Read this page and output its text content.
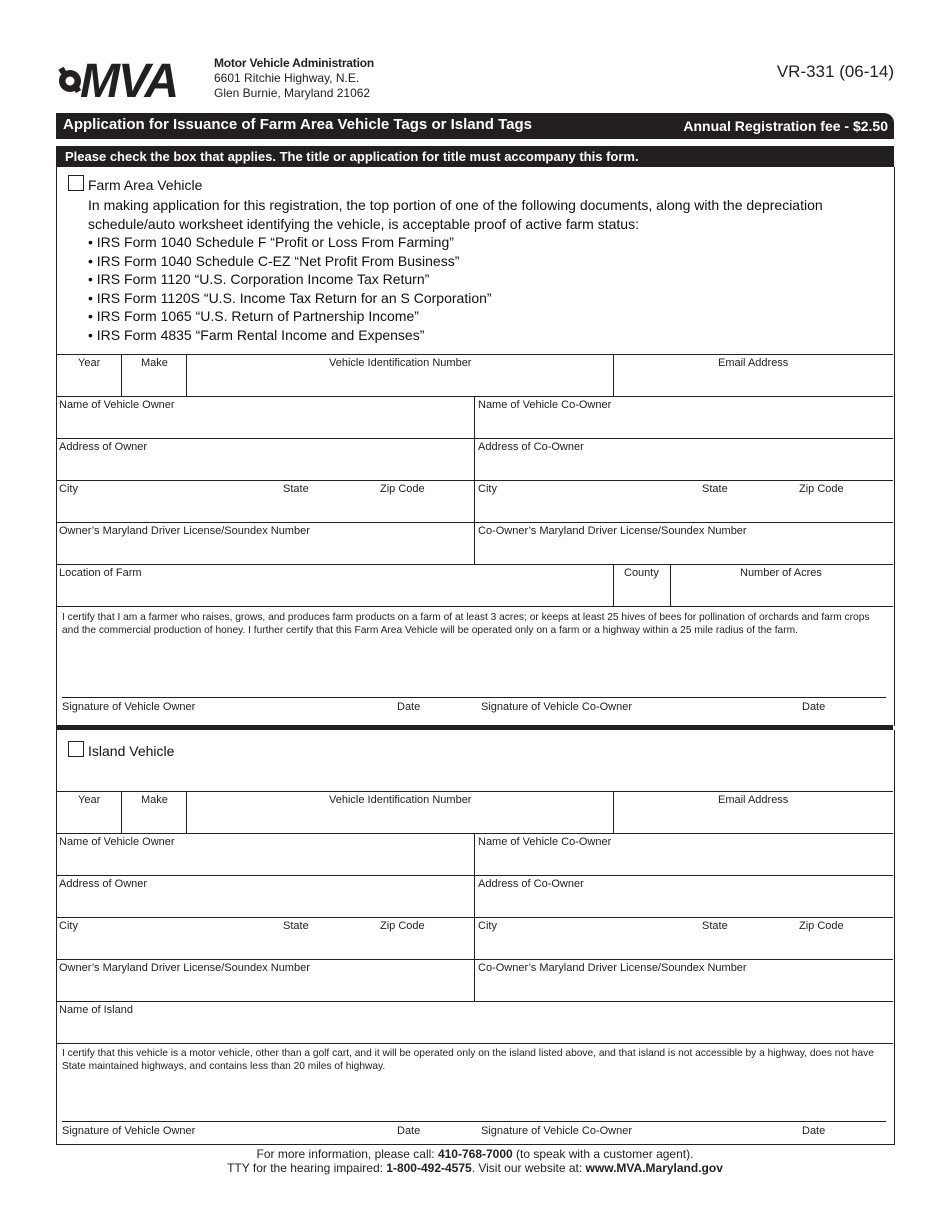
MVA	Motor Vehicle Administration
6601 Ritchie Highway, N.E.
Glen Burnie, Maryland 21062
VR-331 (06-14)
Application for Issuance of Farm Area Vehicle Tags or Island Tags	Annual Registration fee - $2.50
Please check the box that applies. The title or application for title must accompany this form.
Farm Area Vehicle
In making application for this registration, the top portion of one of the following documents, along with the depreciation schedule/auto worksheet identifying the vehicle, is acceptable proof of active farm status:
• IRS Form 1040 Schedule F “Profit or Loss From Farming”
• IRS Form 1040 Schedule C-EZ “Net Profit From Business”
• IRS Form 1120 “U.S. Corporation Income Tax Return”
• IRS Form 1120S “U.S. Income Tax Return for an S Corporation”
• IRS Form 1065 “U.S. Return of Partnership Income”
• IRS Form 4835 “Farm Rental Income and Expenses”
Year	Make	Vehicle Identification Number	Email Address
Name of Vehicle Owner	Name of Vehicle Co-Owner
Address of Owner	Address of Co-Owner
City	State	Zip Code	City	State	Zip Code
Owner’s Maryland Driver License/Soundex Number	Co-Owner’s Maryland Driver License/Soundex Number
Location of Farm	County	Number of Acres
I certify that I am a farmer who raises, grows, and produces farm products on a farm of at least 3 acres; or keeps at least 25 hives of bees for pollination of orchards and farm crops and the commercial production of honey. I further certify that this Farm Area Vehicle will be operated only on a farm or a highway within a 25 mile radius of the farm.
Signature of Vehicle Owner	Date	Signature of Vehicle Co-Owner	Date
Island Vehicle
Year	Make	Vehicle Identification Number	Email Address
Name of Vehicle Owner	Name of Vehicle Co-Owner
Address of Owner	Address of Co-Owner
City	State	Zip Code	City	State	Zip Code
Owner’s Maryland Driver License/Soundex Number	Co-Owner’s Maryland Driver License/Soundex Number
Name of Island
I certify that this vehicle is a motor vehicle, other than a golf cart, and it will be operated only on the island listed above, and that island is not accessible by a highway, does not have State maintained highways, and contains less than 20 miles of highway.
Signature of Vehicle Owner	Date	Signature of Vehicle Co-Owner	Date
For more information, please call: 410-768-7000 (to speak with a customer agent).
TTY for the hearing impaired: 1-800-492-4575. Visit our website at: www.MVA.Maryland.gov
